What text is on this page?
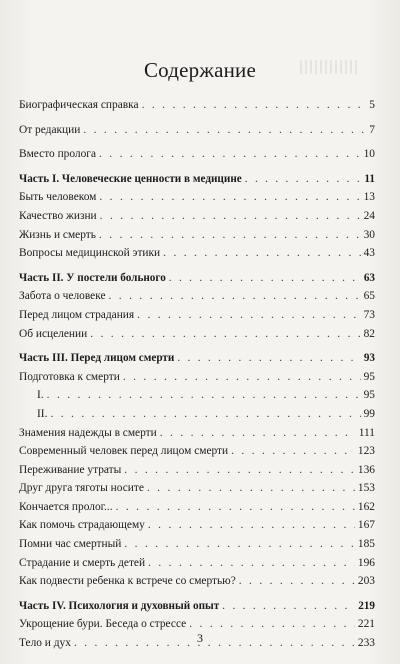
Содержание
Биографическая справка . . .	5
От редакции . . .	7
Вместо пролога . . .	10
Часть I. Человеческие ценности в медицине . . .	11
Быть человеком . . .	13
Качество жизни . . .	24
Жизнь и смерть . . .	30
Вопросы медицинской этики . . .	43
Часть II. У постели больного . . .	63
Забота о человеке . . .	65
Перед лицом страдания . . .	73
Об исцелении . . .	82
Часть III. Перед лицом смерти . . .	93
Подготовка к смерти . . .	95
I. . . .	95
II. . . .	99
Знамения надежды в смерти . . .	111
Современный человек перед лицом смерти . . .	123
Переживание утраты . . .	136
Друг друга тяготы носите . . .	153
Кончается пролог... . . .	162
Как помочь страдающему . . .	167
Помни час смертный . . .	185
Страдание и смерть детей . . .	196
Как подвести ребенка к встрече со смертью? . . .	203
Часть IV. Психология и духовный опыт . . .	219
Укрощение бури. Беседа о стрессе . . .	221
Тело и дух . . .	233
3
